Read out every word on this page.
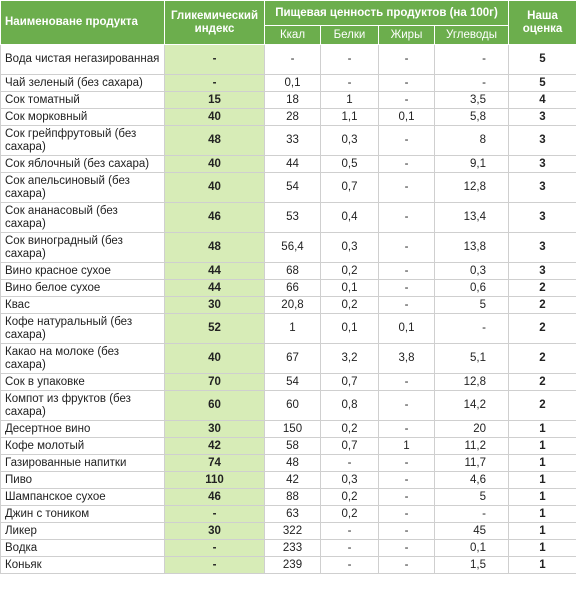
Наименоване продукта	Гликемический индекс	Пищевая ценность продуктов (на 100г)				Наша оценка
		Ккал	Белки	Жиры	Углеводы	
Вода чистая негазированная	-	-	-	-	-	5
Чай зеленый (без сахара)	-	0,1	-	-	-	5
Сок томатный	15	18	1	-	3,5	4
Сок морковный	40	28	1,1	0,1	5,8	3
Сок грейпфрутовый (без сахара)	48	33	0,3	-	8	3
Сок яблочный (без сахара)	40	44	0,5	-	9,1	3
Сок апельсиновый (без сахара)	40	54	0,7	-	12,8	3
Сок ананасовый (без сахара)	46	53	0,4	-	13,4	3
Сок виноградный (без сахара)	48	56,4	0,3	-	13,8	3
Вино красное сухое	44	68	0,2	-	0,3	3
Вино белое сухое	44	66	0,1	-	0,6	2
Квас	30	20,8	0,2	-	5	2
Кофе натуральный (без сахара)	52	1	0,1	0,1	-	2
Какао на молоке (без сахара)	40	67	3,2	3,8	5,1	2
Сок в упаковке	70	54	0,7	-	12,8	2
Компот из фруктов (без сахара)	60	60	0,8	-	14,2	2
Десертное вино	30	150	0,2	-	20	1
Кофе молотый	42	58	0,7	1	11,2	1
Газированные напитки	74	48	-	-	11,7	1
Пиво	110	42	0,3	-	4,6	1
Шампанское сухое	46	88	0,2	-	5	1
Джин с тоником	-	63	0,2	-	-	1
Ликер	30	322	-	-	45	1
Водка	-	233	-	-	0,1	1
Коньяк	-	239	-	-	1,5	1
